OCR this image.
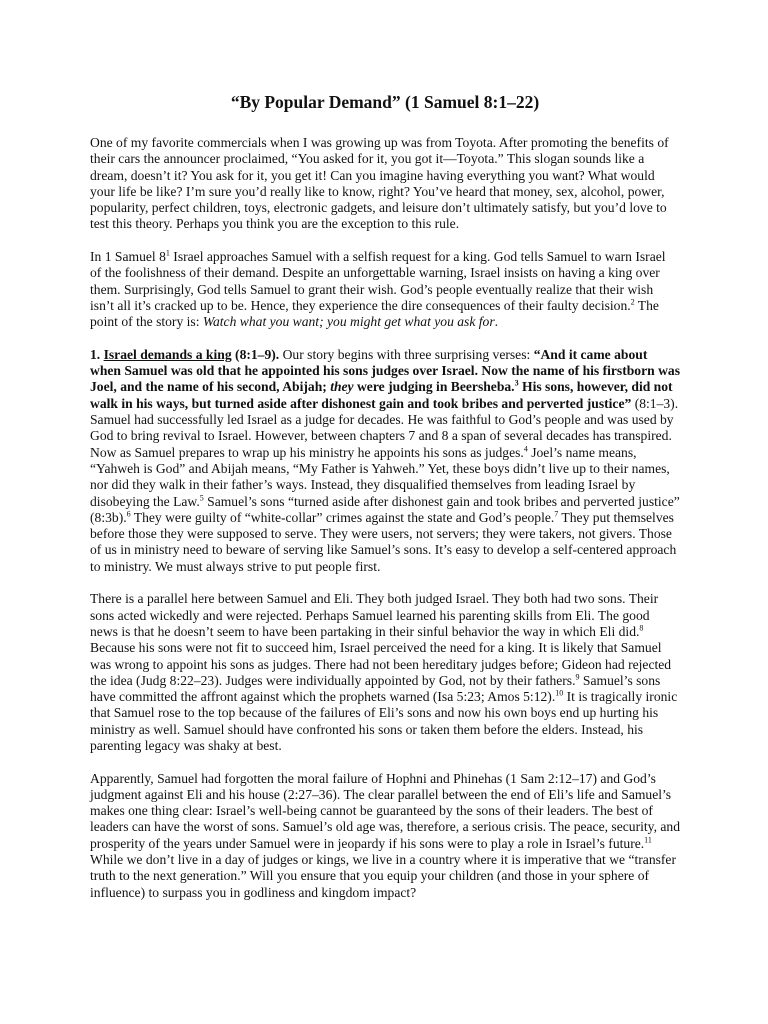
“By Popular Demand” (1 Samuel 8:1–22)

One of my favorite commercials when I was growing up was from Toyota. After promoting the benefits of their cars the announcer proclaimed, “You asked for it, you got it—Toyota.” This slogan sounds like a dream, doesn’t it? You ask for it, you get it! Can you imagine having everything you want? What would your life be like? I’m sure you’d really like to know, right? You’ve heard that money, sex, alcohol, power, popularity, perfect children, toys, electronic gadgets, and leisure don’t ultimately satisfy, but you’d love to test this theory. Perhaps you think you are the exception to this rule.

In 1 Samuel $8^1$ Israel approaches Samuel with a selfish request for a king. God tells Samuel to warn Israel of the foolishness of their demand. Despite an unforgettable warning, Israel insists on having a king over them. Surprisingly, God tells Samuel to grant their wish. God’s people eventually realize that their wish isn’t all it’s cracked up to be. Hence, they experience the dire consequences of their faulty decision.$^2$ The point of the story is: Watch what you want; you might get what you ask for.

1. Israel demands a king (8:1–9). Our story begins with three surprising verses: “And it came about when Samuel was old that he appointed his sons judges over Israel. Now the name of his firstborn was Joel, and the name of his second, Abijah; they were judging in Beersheba.$^3$ His sons, however, did not walk in his ways, but turned aside after dishonest gain and took bribes and perverted justice” (8:1–3). Samuel had successfully led Israel as a judge for decades. He was faithful to God’s people and was used by God to bring revival to Israel. However, between chapters 7 and 8 a span of several decades has transpired. Now as Samuel prepares to wrap up his ministry he appoints his sons as judges.$^4$ Joel’s name means, “Yahweh is God” and Abijah means, “My Father is Yahweh.” Yet, these boys didn’t live up to their names, nor did they walk in their father’s ways. Instead, they disqualified themselves from leading Israel by disobeying the Law.$^5$ Samuel’s sons “turned aside after dishonest gain and took bribes and perverted justice” (8:3b).$^6$ They were guilty of “white-collar” crimes against the state and God’s people.$^7$ They put themselves before those they were supposed to serve. They were users, not servers; they were takers, not givers. Those of us in ministry need to beware of serving like Samuel’s sons. It’s easy to develop a self-centered approach to ministry. We must always strive to put people first.

There is a parallel here between Samuel and Eli. They both judged Israel. They both had two sons. Their sons acted wickedly and were rejected. Perhaps Samuel learned his parenting skills from Eli. The good news is that he doesn’t seem to have been partaking in their sinful behavior the way in which Eli did.$^8$ Because his sons were not fit to succeed him, Israel perceived the need for a king. It is likely that Samuel was wrong to appoint his sons as judges. There had not been hereditary judges before; Gideon had rejected the idea (Judg 8:22–23). Judges were individually appointed by God, not by their fathers.$^9$ Samuel’s sons have committed the affront against which the prophets warned (Isa 5:23; Amos 5:12).$^{10}$ It is tragically ironic that Samuel rose to the top because of the failures of Eli’s sons and now his own boys end up hurting his ministry as well. Samuel should have confronted his sons or taken them before the elders. Instead, his parenting legacy was shaky at best.

Apparently, Samuel had forgotten the moral failure of Hophni and Phinehas (1 Sam 2:12–17) and God’s judgment against Eli and his house (2:27–36). The clear parallel between the end of Eli’s life and Samuel’s makes one thing clear: Israel’s well-being cannot be guaranteed by the sons of their leaders. The best of leaders can have the worst of sons. Samuel’s old age was, therefore, a serious crisis. The peace, security, and prosperity of the years under Samuel were in jeopardy if his sons were to play a role in Israel’s future.$^{11}$ While we don’t live in a day of judges or kings, we live in a country where it is imperative that we “transfer truth to the next generation.” Will you ensure that you equip your children (and those in your sphere of influence) to surpass you in godliness and kingdom impact?
